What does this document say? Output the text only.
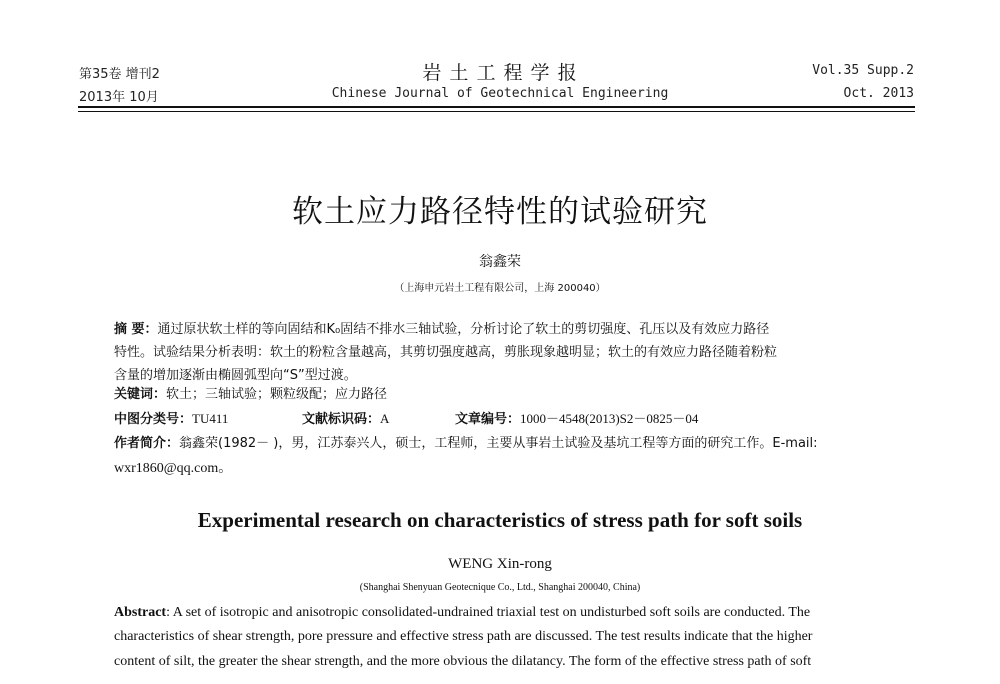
第35卷 增刊2
2013年 10月
岩 土 工 程 学 报
Chinese Journal of Geotechnical Engineering
Vol.35 Supp.2
Oct. 2013
软土应力路径特性的试验研究
翁鑫荣
（上海申元岩土工程有限公司，上海 200040）
摘 要：通过原状软土样的等向固结和K₀固结不排水三轴试验，分析讨论了软土的剪切强度、孔压以及有效应力路径
特性。试验结果分析表明：软土的粉粒含量越高，其剪切强度越高，剪胀现象越明显；软土的有效应力路径随着粉粒
含量的增加逐渐由椭圆弧型向“S”型过渡。
关键词：软土；三轴试验；颗粒级配；应力路径
中图分类号：TU411	文献标识码：A	文章编号：1000－4548(2013)S2－0825－04
作者简介：翁鑫荣(1982－ )，男，江苏泰兴人，硕士，工程师，主要从事岩土试验及基坑工程等方面的研究工作。E-mail:
wxr1860@qq.com。
Experimental research on characteristics of stress path for soft soils
WENG Xin-rong
(Shanghai Shenyuan Geotecnique Co., Ltd., Shanghai 200040, China)
Abstract: A set of isotropic and anisotropic consolidated-undrained triaxial test on undisturbed soft soils are conducted. The
characteristics of shear strength, pore pressure and effective stress path are discussed. The test results indicate that the higher
content of silt, the greater the shear strength, and the more obvious the dilatancy. The form of the effective stress path of soft
